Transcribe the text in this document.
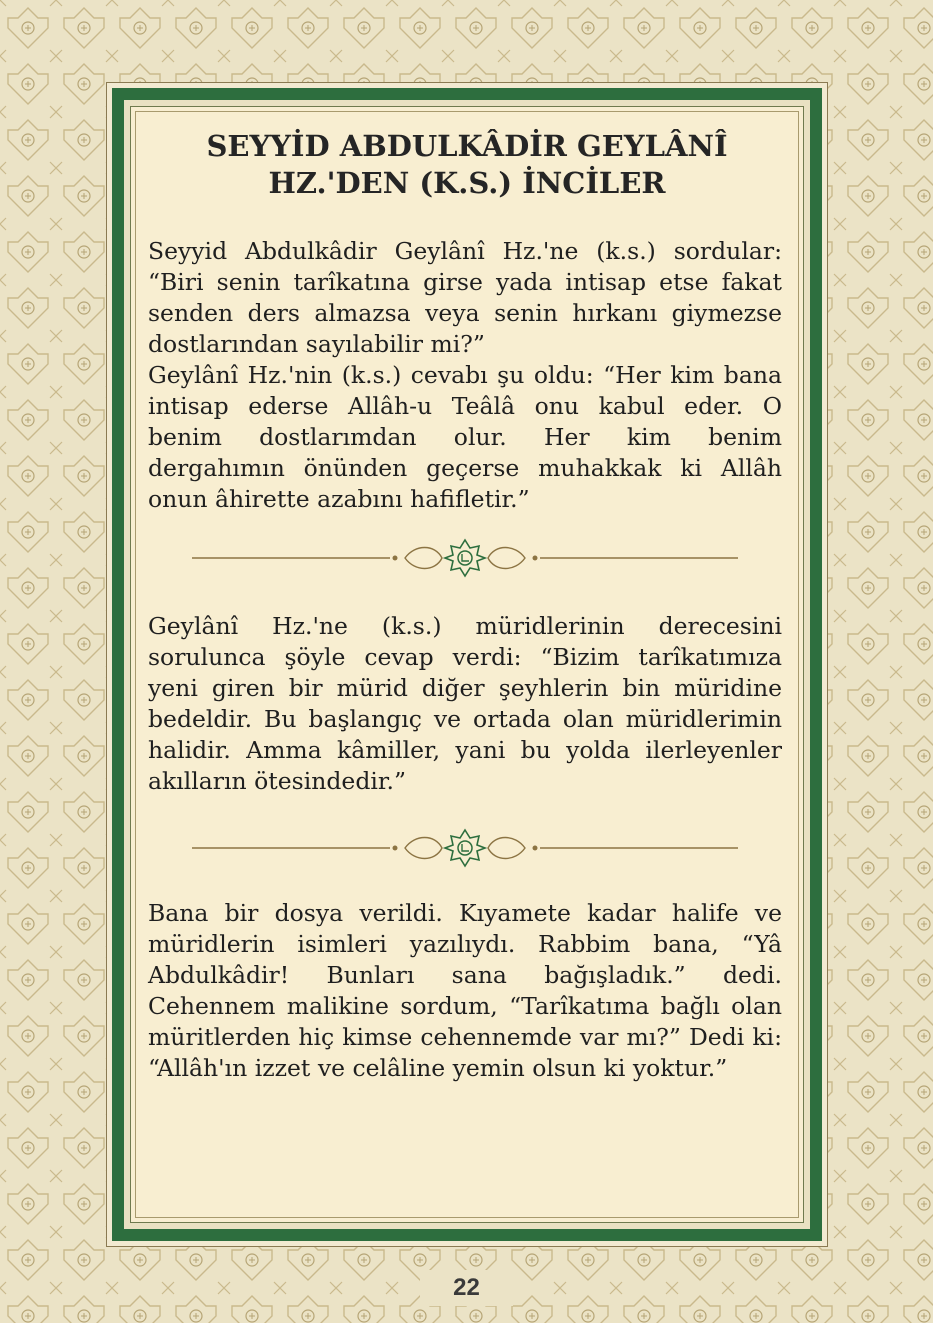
SEYYİD ABDULKÂDİR GEYLÂNÎ
HZ.'DEN (K.S.) İNCİLER

Seyyid Abdulkâdir Geylânî Hz.'ne (k.s.) sordular:
“Biri senin tarîkatına girse yada intisap etse fakat
senden ders almazsa veya senin hırkanı giymezse
dostlarından sayılabilir mi?”
Geylânî Hz.'nin (k.s.) cevabı şu oldu: “Her kim bana
intisap ederse Allâh-u Teâlâ onu kabul eder. O
benim dostlarımdan olur. Her kim benim
dergahımın önünden geçerse muhakkak ki Allâh
onun âhirette azabını hafifletir.”

Geylânî Hz.'ne (k.s.) müridlerinin derecesini
sorulunca şöyle cevap verdi: “Bizim tarîkatımıza
yeni giren bir mürid diğer şeyhlerin bin müridine
bedeldir. Bu başlangıç ve ortada olan müridlerimin
halidir. Amma kâmiller, yani bu yolda ilerleyenler
akılların ötesindedir.”

Bana bir dosya verildi. Kıyamete kadar halife ve
müridlerin isimleri yazılıydı. Rabbim bana, “Yâ
Abdulkâdir! Bunları sana bağışladık.” dedi.
Cehennem malikine sordum, “Tarîkatıma bağlı olan
müritlerden hiç kimse cehennemde var mı?” Dedi ki:
“Allâh'ın izzet ve celâline yemin olsun ki yoktur.”

22
